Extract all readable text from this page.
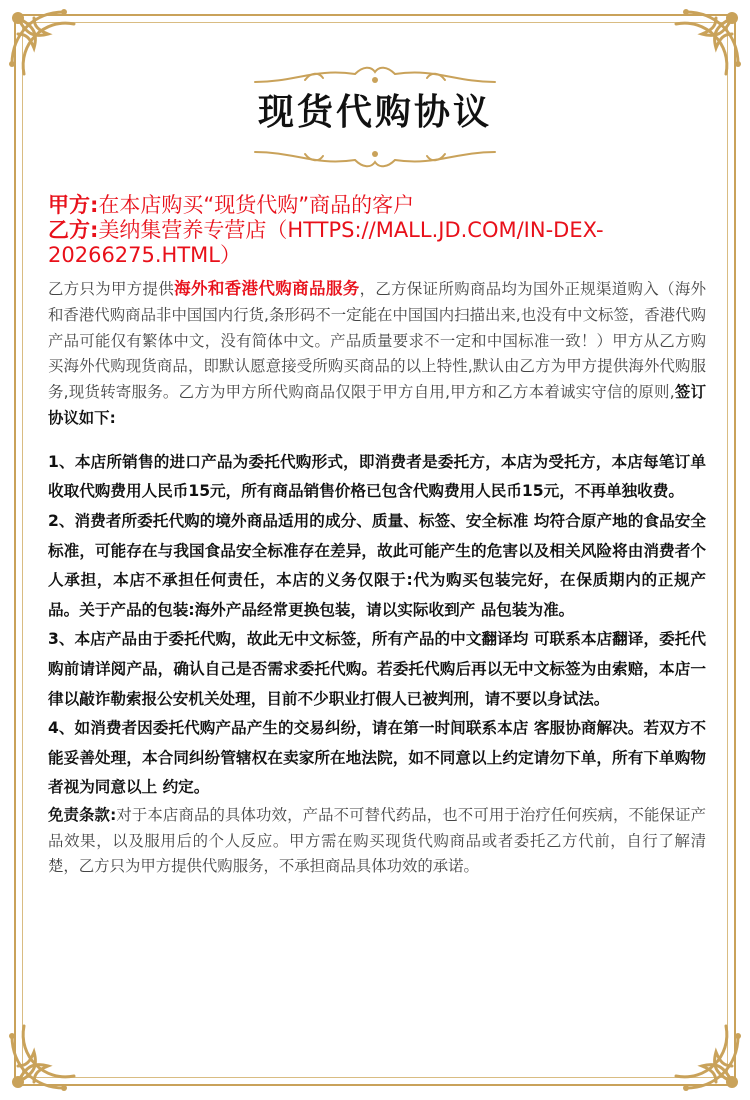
现货代购协议
甲方:在本店购买“现货代购”商品的客户
乙方:美纳集营养专营店（HTTPS://MALL.JD.COM/IN-DEX-20266275.HTML）

乙方只为甲方提供海外和香港代购商品服务，乙方保证所购商品均为国外正规渠道购入（海外和香港代购商品非中国国内行货,条形码不一定能在中国国内扫描出来,也没有中文标签，香港代购产品可能仅有繁体中文，没有简体中文。产品质量要求不一定和中国标准一致！）甲方从乙方购买海外代购现货商品，即默认愿意接受所购买商品的以上特性,默认由乙方为甲方提供海外代购服务,现货转寄服务。乙方为甲方所代购商品仅限于甲方自用,甲方和乙方本着诚实守信的原则,签订协议如下:

1、本店所销售的进口产品为委托代购形式，即消费者是委托方，本店为受托方，本店每笔订单收取代购费用人民币15元，所有商品销售价格已包含代购费用人民币15元，不再单独收费。

2、消费者所委托代购的境外商品适用的成分、质量、标签、安全标准 均符合原产地的食品安全标准，可能存在与我国食品安全标准存在差异，故此可能产生的危害以及相关风险将由消费者个人承担，本店不承担任何责任，本店的义务仅限于:代为购买包装完好，在保质期内的正规产品。关于产品的包装:海外产品经常更换包装，请以实际收到产 品包装为准。

3、本店产品由于委托代购，故此无中文标签，所有产品的中文翻译均 可联系本店翻译，委托代购前请详阅产品，确认自己是否需求委托代购。若委托代购后再以无中文标签为由索赔，本店一律以敲诈勒索报公安机关处理，目前不少职业打假人已被判刑，请不要以身试法。

4、如消费者因委托代购产品产生的交易纠纷，请在第一时间联系本店 客服协商解决。若双方不能妥善处理，本合同纠纷管辖权在卖家所在地法院，如不同意以上约定请勿下单，所有下单购物者视为同意以上 约定。

免责条款:对于本店商品的具体功效，产品不可替代药品，也不可用于治疗任何疾病，不能保证产品效果，以及服用后的个人反应。甲方需在购买现货代购商品或者委托乙方代前，自行了解清楚，乙方只为甲方提供代购服务，不承担商品具体功效的承诺。
